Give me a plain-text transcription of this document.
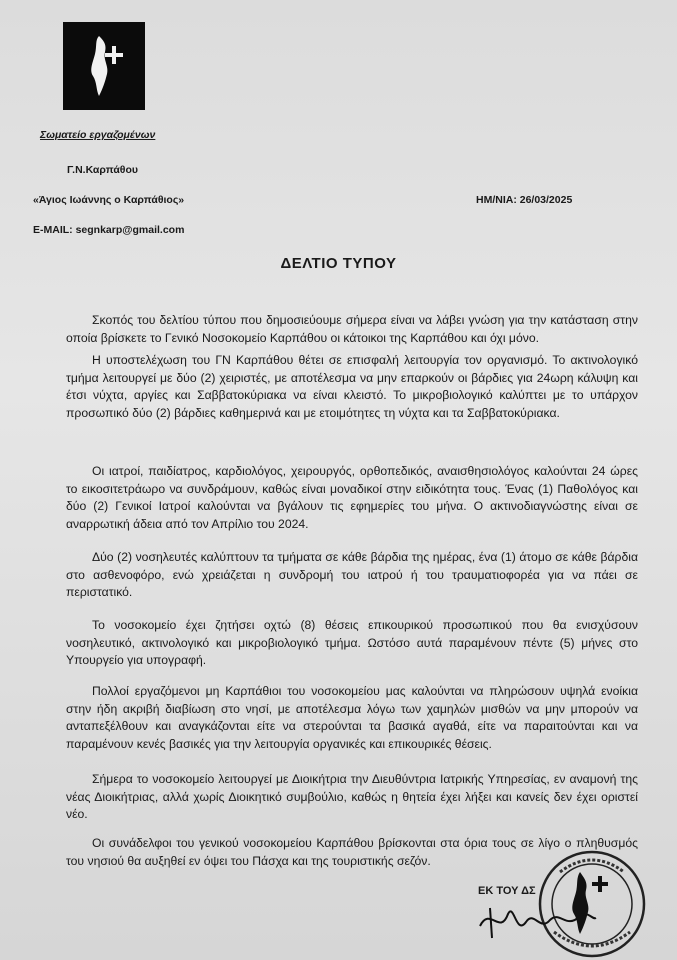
Σωματείο εργαζομένων
Γ.Ν.Καρπάθου
«Άγιος Ιωάννης ο Καρπάθιος»
E-MAIL: segnkarp@gmail.com
ΗΜ/ΝΙΑ: 26/03/2025
ΔΕΛΤΙΟ ΤΥΠΟΥ
Σκοπός του δελτίου τύπου που δημοσιεύουμε σήμερα είναι να λάβει γνώση για την κατάσταση στην οποία βρίσκετε το Γενικό Νοσοκομείο Καρπάθου οι κάτοικοι της Καρπάθου και όχι μόνο.
Η υποστελέχωση του ΓΝ Καρπάθου θέτει σε επισφαλή λειτουργία τον οργανισμό. Το ακτινολογικό τμήμα λειτουργεί με δύο (2) χειριστές, με αποτέλεσμα να μην επαρκούν οι βάρδιες για 24ωρη κάλυψη και έτσι νύχτα, αργίες και Σαββατοκύριακα να είναι κλειστό. Το μικροβιολογικό καλύπτει με το υπάρχον προσωπικό δύο (2) βάρδιες καθημερινά και με ετοιμότητες τη νύχτα και τα Σαββατοκύριακα.
Οι ιατροί, παιδίατρος, καρδιολόγος, χειρουργός, ορθοπεδικός, αναισθησιολόγος καλούνται 24 ώρες το εικοσιτετράωρο να συνδράμουν, καθώς είναι μοναδικοί στην ειδικότητα τους. Ένας (1) Παθολόγος και δύο (2) Γενικοί Ιατροί καλούνται να βγάλουν τις εφημερίες του μήνα. Ο ακτινοδιαγνώστης είναι σε αναρρωτική άδεια από τον Απρίλιο του 2024.
Δύο (2) νοσηλευτές καλύπτουν τα τμήματα σε κάθε βάρδια της ημέρας, ένα (1) άτομο σε κάθε βάρδια στο ασθενοφόρο, ενώ χρειάζεται η συνδρομή του ιατρού ή του τραυματιοφορέα για να πάει σε περιστατικό.
Το νοσοκομείο έχει ζητήσει οχτώ (8) θέσεις επικουρικού προσωπικού που θα ενισχύσουν νοσηλευτικό, ακτινολογικό και μικροβιολογικό τμήμα. Ωστόσο αυτά παραμένουν πέντε (5) μήνες στο Υπουργείο για υπογραφή.
Πολλοί εργαζόμενοι μη Καρπάθιοι του νοσοκομείου μας καλούνται να πληρώσουν υψηλά ενοίκια στην ήδη ακριβή διαβίωση στο νησί, με αποτέλεσμα λόγω των χαμηλών μισθών να μην μπορούν να ανταπεξέλθουν και αναγκάζονται είτε να στερούνται τα βασικά αγαθά, είτε να παραιτούνται και να παραμένουν κενές βασικές για την λειτουργία οργανικές και επικουρικές θέσεις.
Σήμερα το νοσοκομείο λειτουργεί με Διοικήτρια την Διευθύντρια Ιατρικής Υπηρεσίας, εν αναμονή της νέας Διοικήτριας, αλλά χωρίς Διοικητικό συμβούλιο, καθώς η θητεία έχει λήξει και κανείς δεν έχει οριστεί νέο.
Οι συνάδελφοι του γενικού νοσοκομείου Καρπάθου βρίσκονται στα όρια τους σε λίγο ο πληθυσμός του νησιού θα αυξηθεί εν όψει του Πάσχα και της τουριστικής σεζόν.
ΕΚ ΤΟΥ ΔΣ
